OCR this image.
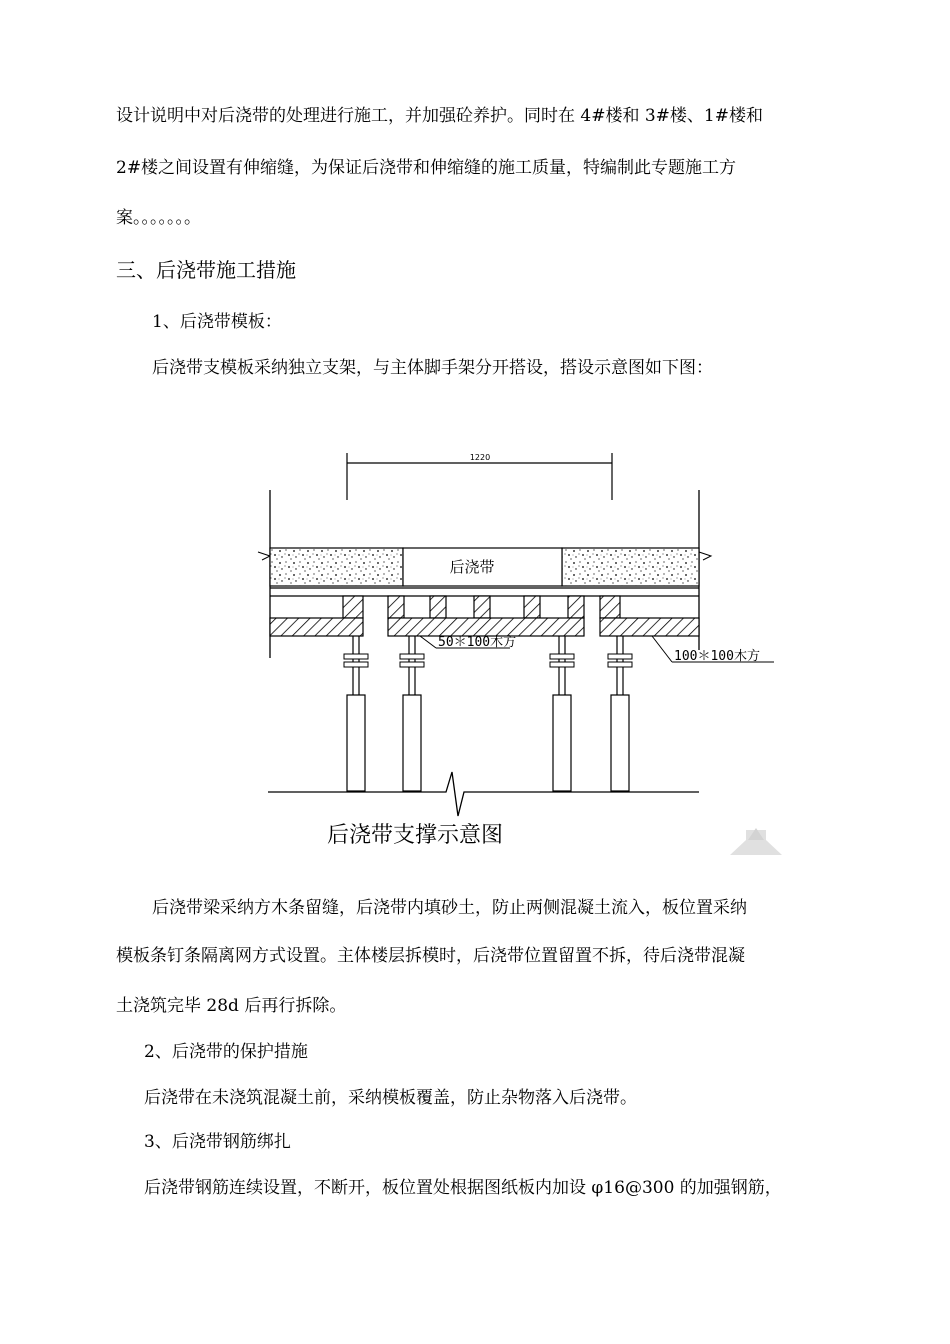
设计说明中对后浇带的处理进行施工，并加强砼养护。同时在 4#楼和 3#楼、1#楼和
2#楼之间设置有伸缩缝，为保证后浇带和伸缩缝的施工质量，特编制此专题施工方
案。。。。。。。
三、后浇带施工措施
1、后浇带模板：
后浇带支模板采纳独立支架，与主体脚手架分开搭设，搭设示意图如下图：
1220
后浇带
50＊100木方
100＊100木方
后浇带支撑示意图
后浇带梁采纳方木条留缝，后浇带内填砂土，防止两侧混凝土流入，板位置采纳
模板条钉条隔离网方式设置。主体楼层拆模时，后浇带位置留置不拆，待后浇带混凝
土浇筑完毕 28d 后再行拆除。
2、后浇带的保护措施
后浇带在未浇筑混凝土前，采纳模板覆盖，防止杂物落入后浇带。
3、后浇带钢筋绑扎
后浇带钢筋连续设置，不断开，板位置处根据图纸板内加设 φ16@300 的加强钢筋，
